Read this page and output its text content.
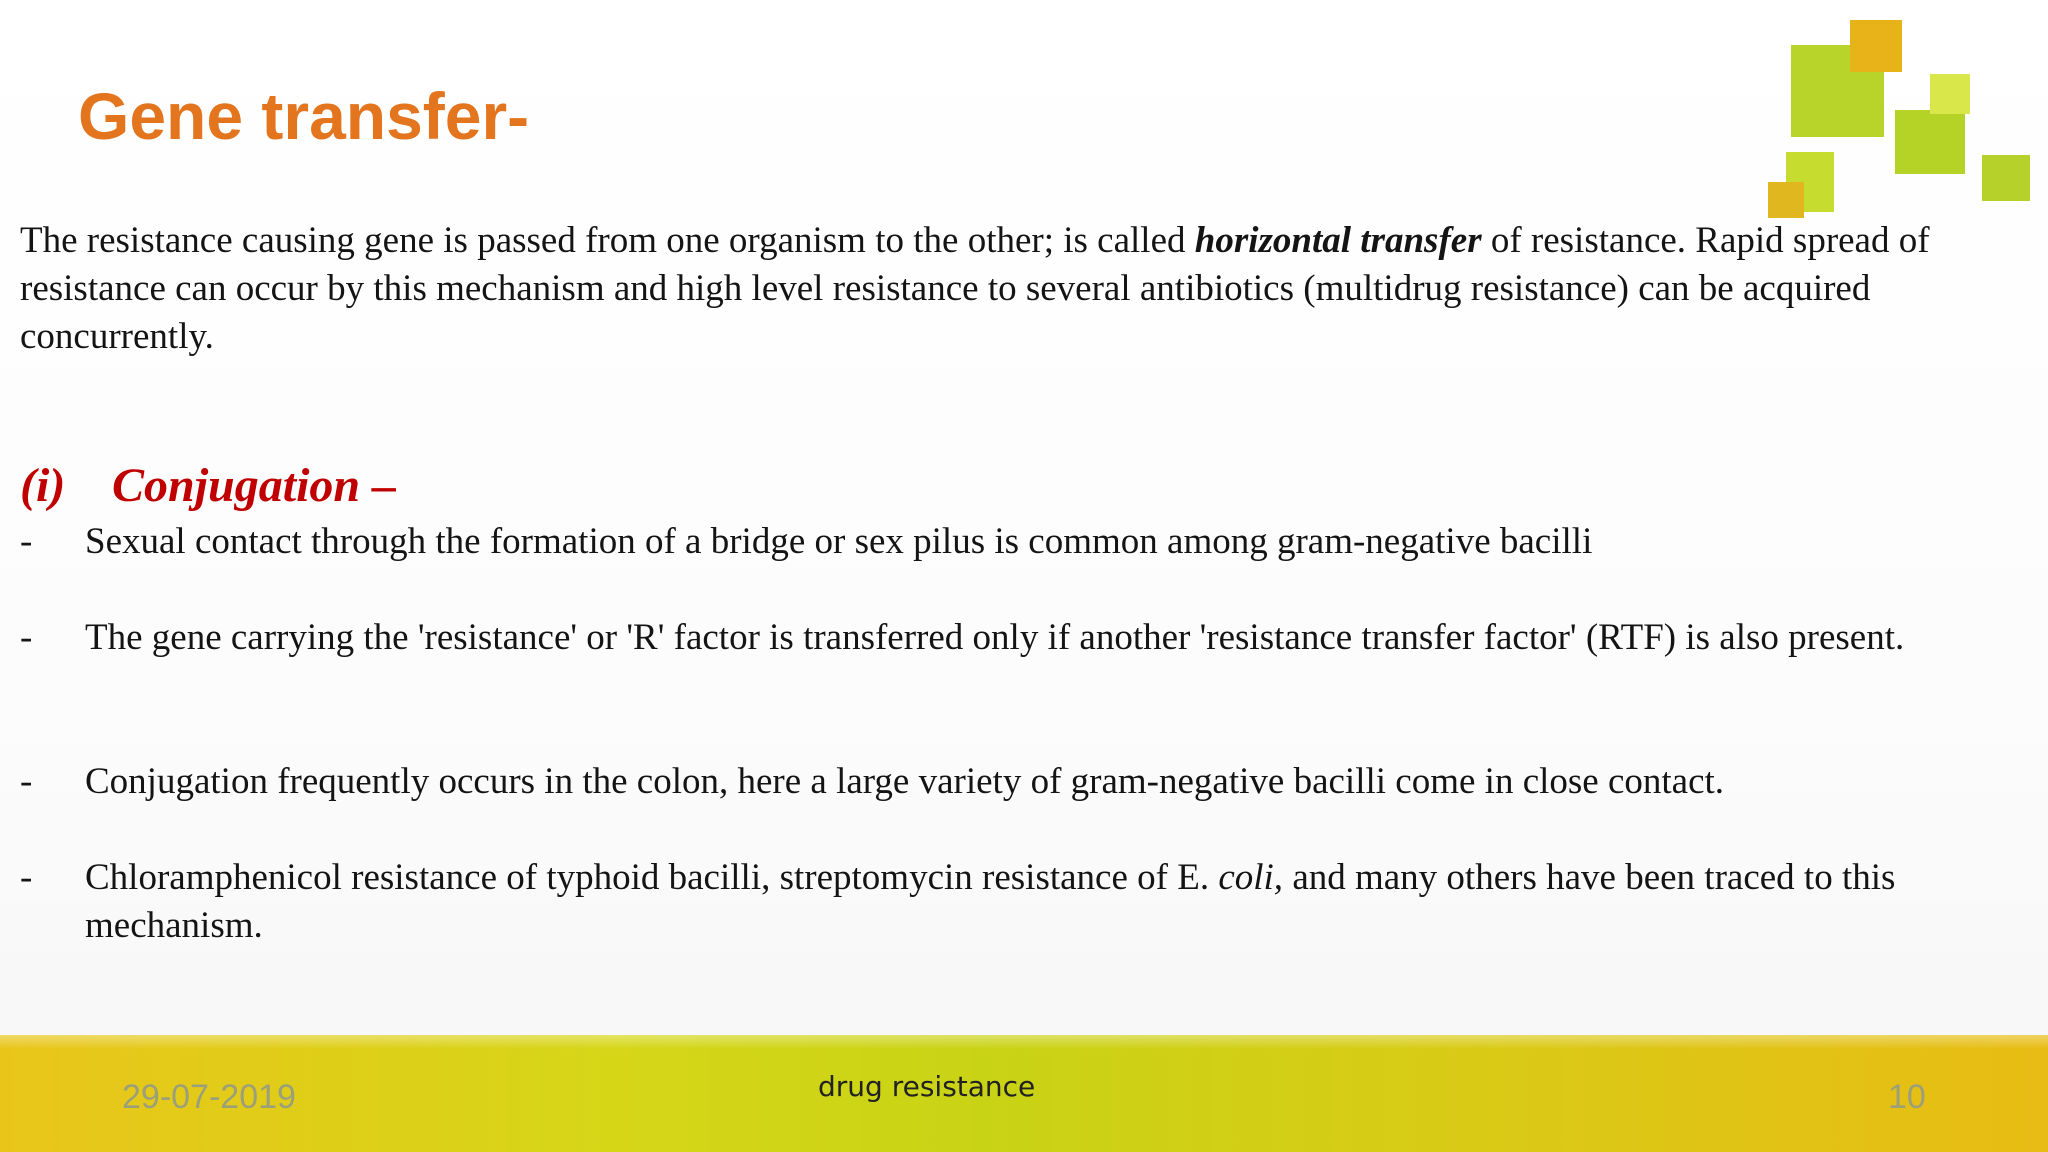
Gene transfer-
The resistance causing gene is passed from one organism to the other; is called horizontal transfer of resistance. Rapid spread of resistance can occur by this mechanism and high level resistance to several antibiotics (multidrug resistance) can be acquired concurrently.
(i) Conjugation –
- Sexual contact through the formation of a bridge or sex pilus is common among gram-negative bacilli
- The gene carrying the 'resistance' or 'R' factor is transferred only if another 'resistance transfer factor' (RTF) is also present.
- Conjugation frequently occurs in the colon, here a large variety of gram-negative bacilli come in close contact.
- Chloramphenicol resistance of typhoid bacilli, streptomycin resistance of E. coli, and many others have been traced to this mechanism.
29-07-2019	drug resistance	10
